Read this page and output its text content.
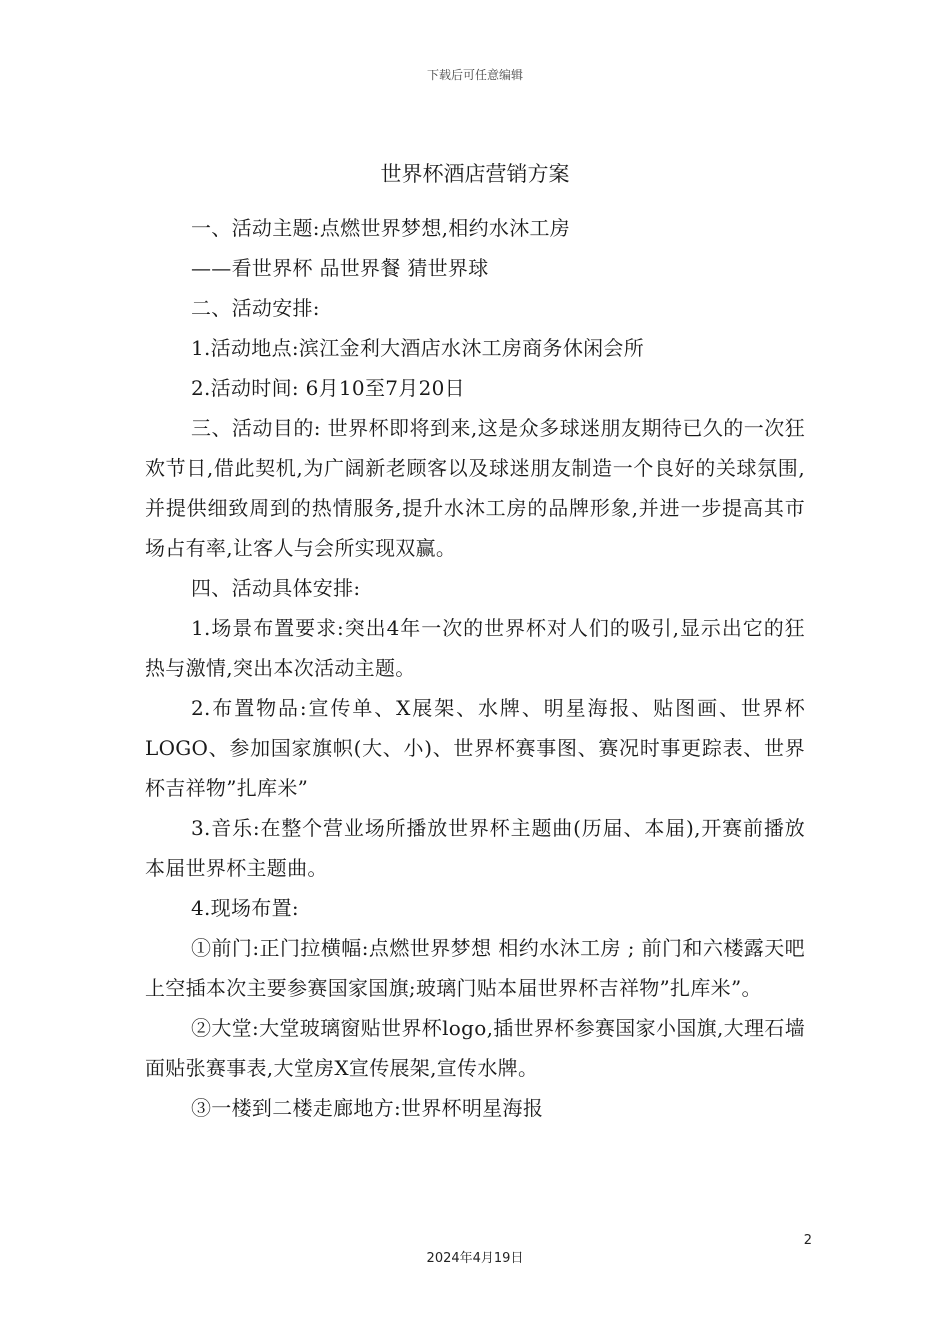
下载后可任意编辑
世界杯酒店营销方案

一、活动主题:点燃世界梦想,相约水沐工房

——看世界杯 品世界餐 猜世界球

二、活动安排:

1.活动地点:滨江金利大酒店水沐工房商务休闲会所

2.活动时间: 6月10至7月20日

三、活动目的: 世界杯即将到来,这是众多球迷朋友期待已久的一次狂欢节日,借此契机,为广阔新老顾客以及球迷朋友制造一个良好的关球氛围,并提供细致周到的热情服务,提升水沐工房的品牌形象,并进一步提高其市场占有率,让客人与会所实现双赢。

四、活动具体安排:

1.场景布置要求:突出4年一次的世界杯对人们的吸引,显示出它的狂热与激情,突出本次活动主题。

2.布置物品:宣传单、X展架、水牌、明星海报、贴图画、世界杯LOGO、参加国家旗帜(大、小)、世界杯赛事图、赛况时事更踪表、世界杯吉祥物”扎库米”

3.音乐:在整个营业场所播放世界杯主题曲(历届、本届),开赛前播放本届世界杯主题曲。

4.现场布置:

①前门:正门拉横幅:点燃世界梦想 相约水沐工房 ; 前门和六楼露天吧上空插本次主要参赛国家国旗;玻璃门贴本届世界杯吉祥物”扎库米”。

②大堂:大堂玻璃窗贴世界杯logo,插世界杯参赛国家小国旗,大理石墙面贴张赛事表,大堂房X宣传展架,宣传水牌。

③一楼到二楼走廊地方:世界杯明星海报

2
2024年4月19日
